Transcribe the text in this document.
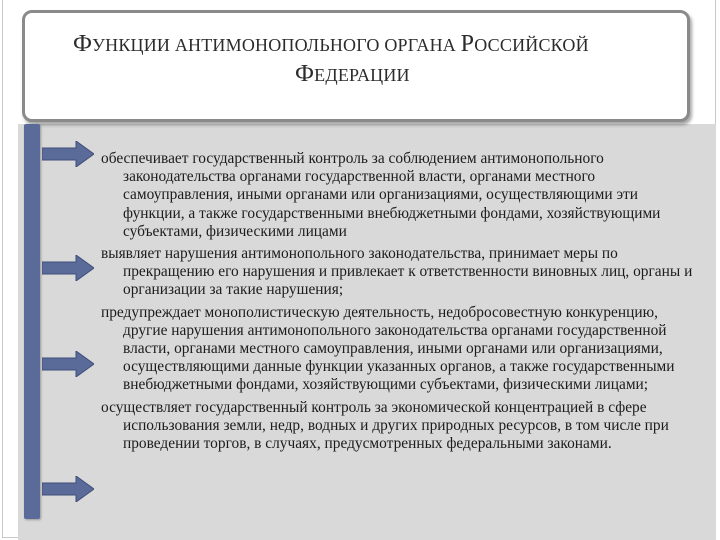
ФУНКЦИИ АНТИМОНОПОЛЬНОГО ОРГАНА РОССИЙСКОЙ
ФЕДЕРАЦИИ
обеспечивает государственный контроль за соблюдением антимонопольного законодательства органами государственной власти, органами местного самоуправления, иными органами или организациями, осуществляющими эти функции, а также государственными внебюджетными фондами, хозяйствующими субъектами, физическими лицами
выявляет нарушения антимонопольного законодательства, принимает меры по прекращению его нарушения и привлекает к ответственности виновных лиц, органы и организации за такие нарушения;
предупреждает монополистическую деятельность, недобросовестную конкуренцию, другие нарушения антимонопольного законодательства органами государственной власти, органами местного самоуправления, иными органами или организациями, осуществляющими данные функции указанных органов, а также государственными внебюджетными фондами, хозяйствующими субъектами, физическими лицами;
осуществляет государственный контроль за экономической концентрацией в сфере использования земли, недр, водных и других природных ресурсов, в том числе при проведении торгов, в случаях, предусмотренных федеральными законами.
